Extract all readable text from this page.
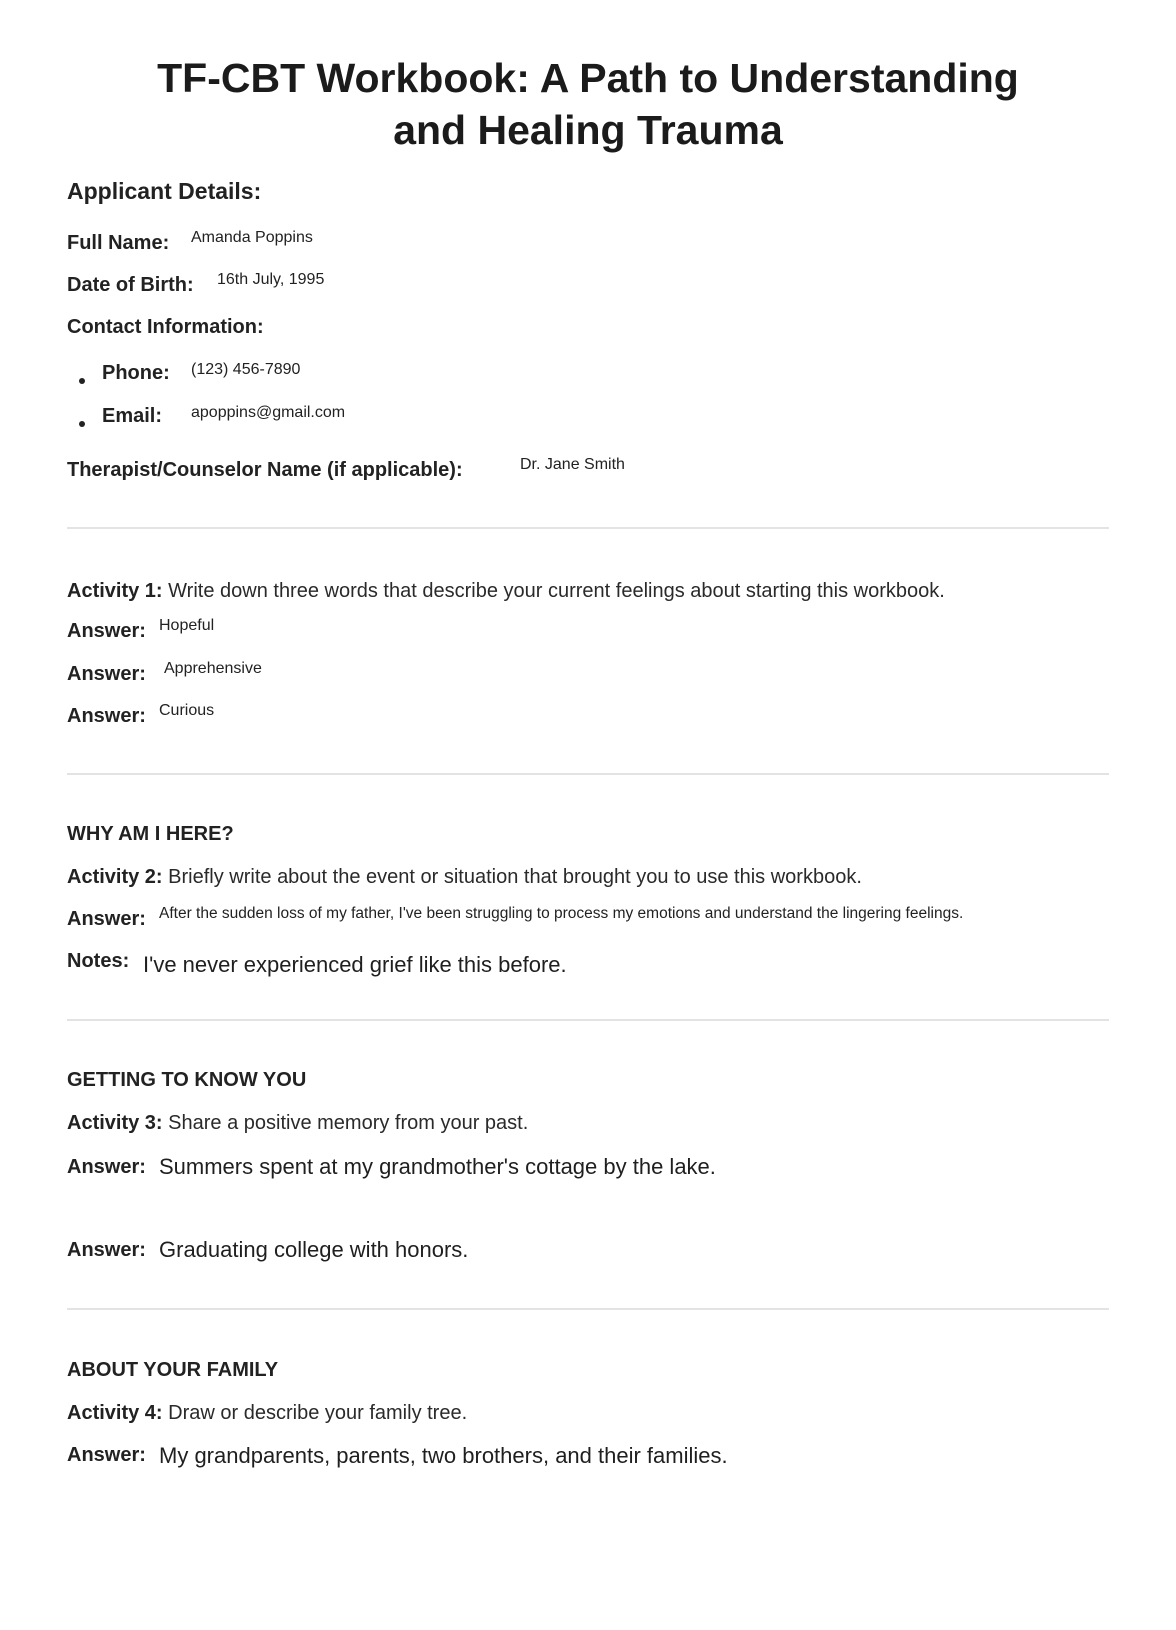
TF-CBT Workbook: A Path to Understanding
and Healing Trauma
Applicant Details:
Full Name: Amanda Poppins
Date of Birth: 16th July, 1995
Contact Information:
Phone: (123) 456-7890
Email: apoppins@gmail.com
Therapist/Counselor Name (if applicable):	Dr. Jane Smith
Activity 1: Write down three words that describe your current feelings about starting this workbook.
Answer: Hopeful
Answer: Apprehensive
Answer: Curious
WHY AM I HERE?
Activity 2: Briefly write about the event or situation that brought you to use this workbook.
Answer: After the sudden loss of my father, I've been struggling to process my emotions and understand the lingering feelings.
Notes: I've never experienced grief like this before.
GETTING TO KNOW YOU
Activity 3: Share a positive memory from your past.
Answer: Summers spent at my grandmother's cottage by the lake.
Answer: Graduating college with honors.
ABOUT YOUR FAMILY
Activity 4: Draw or describe your family tree.
Answer: My grandparents, parents, two brothers, and their families.
